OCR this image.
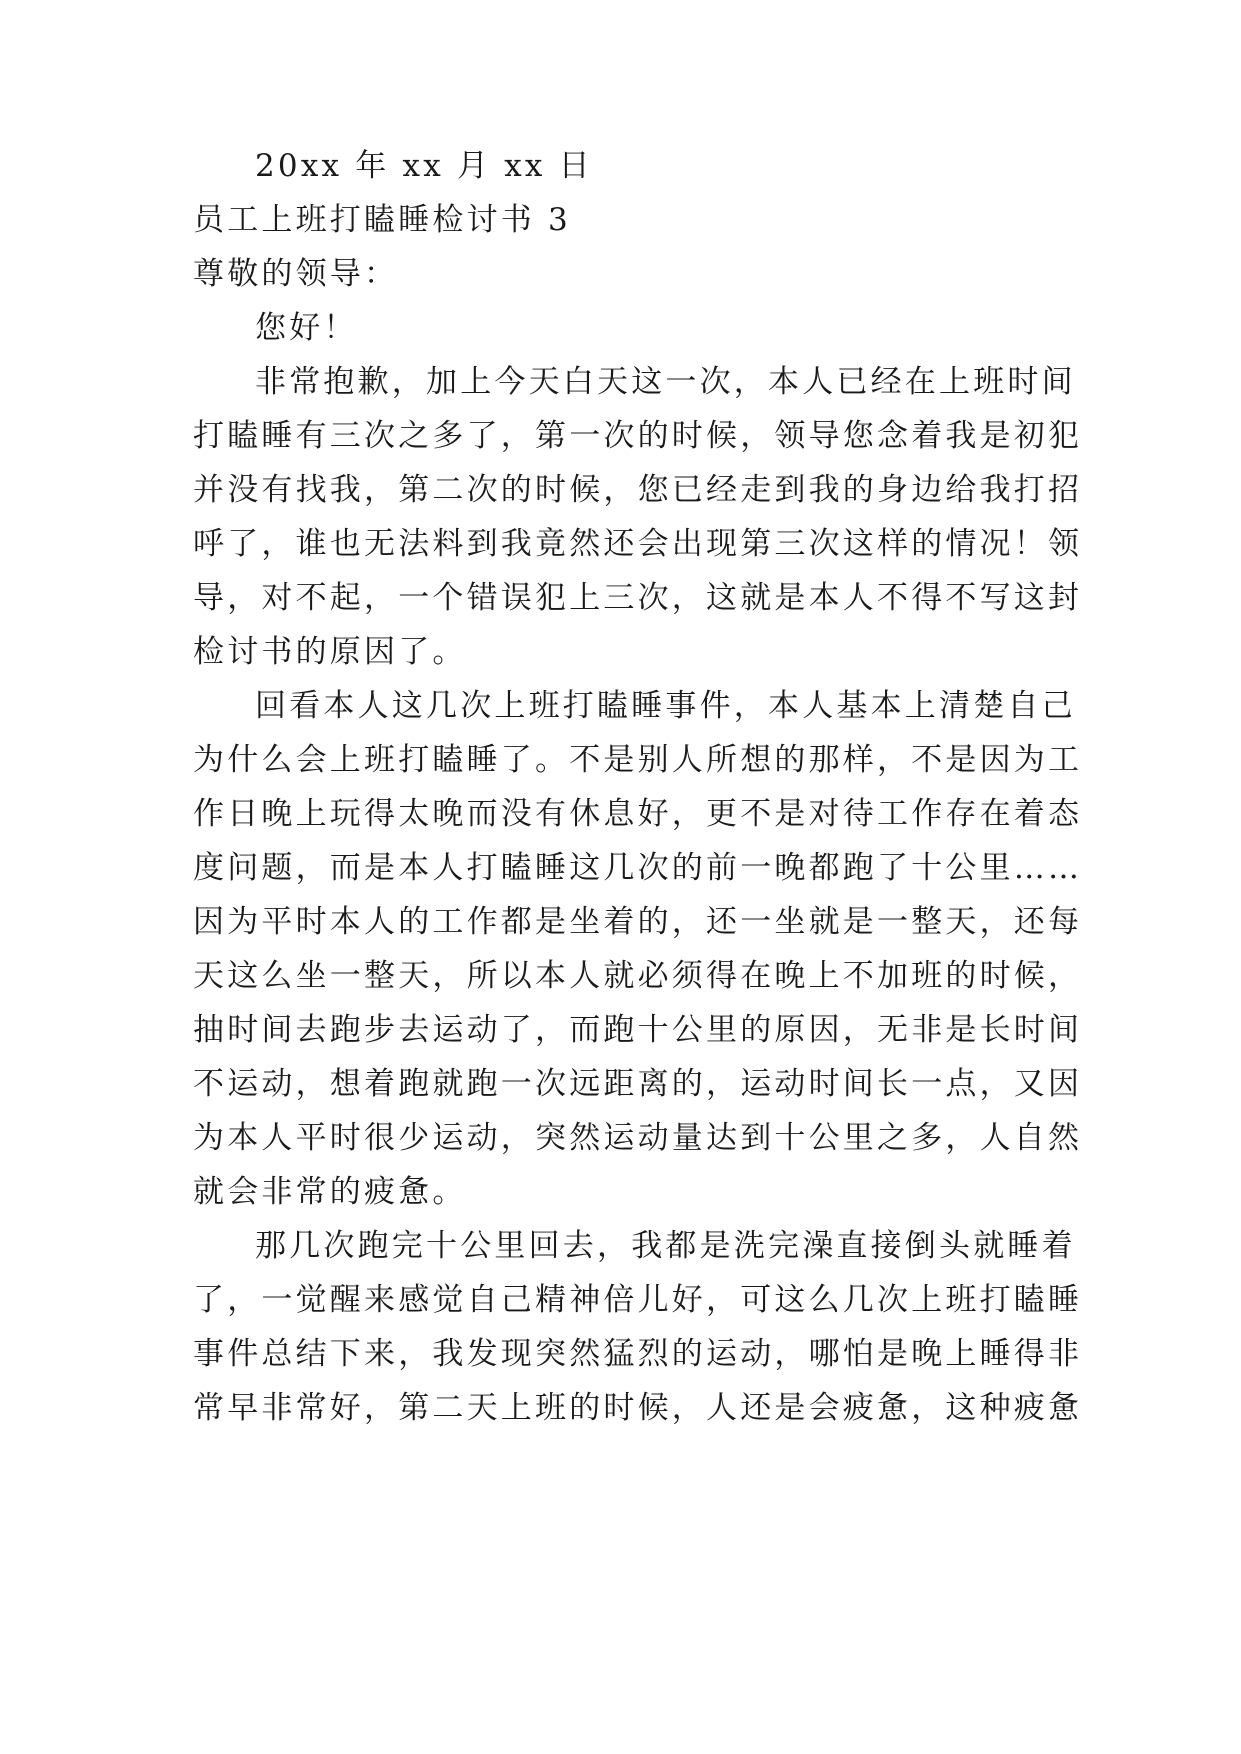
20xx 年 xx 月 xx 日
员工上班打瞌睡检讨书 3
尊敬的领导：
您好！
非常抱歉，加上今天白天这一次，本人已经在上班时间
打瞌睡有三次之多了，第一次的时候，领导您念着我是初犯
并没有找我，第二次的时候，您已经走到我的身边给我打招
呼了，谁也无法料到我竟然还会出现第三次这样的情况！领
导，对不起，一个错误犯上三次，这就是本人不得不写这封
检讨书的原因了。
回看本人这几次上班打瞌睡事件，本人基本上清楚自己
为什么会上班打瞌睡了。不是别人所想的那样，不是因为工
作日晚上玩得太晚而没有休息好，更不是对待工作存在着态
度问题，而是本人打瞌睡这几次的前一晚都跑了十公里……
因为平时本人的工作都是坐着的，还一坐就是一整天，还每
天这么坐一整天，所以本人就必须得在晚上不加班的时候，
抽时间去跑步去运动了，而跑十公里的原因，无非是长时间
不运动，想着跑就跑一次远距离的，运动时间长一点，又因
为本人平时很少运动，突然运动量达到十公里之多，人自然
就会非常的疲惫。
那几次跑完十公里回去，我都是洗完澡直接倒头就睡着
了，一觉醒来感觉自己精神倍儿好，可这么几次上班打瞌睡
事件总结下来，我发现突然猛烈的运动，哪怕是晚上睡得非
常早非常好，第二天上班的时候，人还是会疲惫，这种疲惫
